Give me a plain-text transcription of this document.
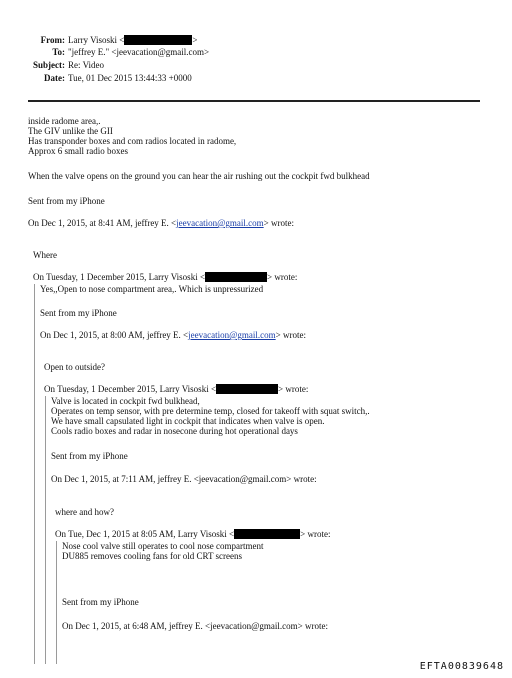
From: Larry Visoski <	>
To: "jeffrey E." <jeevacation@gmail.com>
Subject: Re: Video
Date: Tue, 01 Dec 2015 13:44:33 +0000
inside radome area,.
The GIV unlike the GII
Has transponder boxes and com radios located in radome,
Approx 6 small radio boxes
When the valve opens on the ground you can hear the air rushing out the cockpit fwd bulkhead
Sent from my iPhone
On Dec 1, 2015, at 8:41 AM, jeffrey E. <jeevacation@gmail.com> wrote:
Where
On Tuesday, 1 December 2015, Larry Visoski <	> wrote:
Yes,,Open to nose compartment area,. Which is unpressurized
Sent from my iPhone
On Dec 1, 2015, at 8:00 AM, jeffrey E. <jeevacation@gmail.com> wrote:
Open to outside?
On Tuesday, 1 December 2015, Larry Visoski <	> wrote:
Valve is located in cockpit fwd bulkhead,
Operates on temp sensor, with pre determine temp, closed for takeoff with squat switch,.
We have small capsulated light in cockpit that indicates when valve is open.
Cools radio boxes and radar in nosecone during hot operational days
Sent from my iPhone
On Dec 1, 2015, at 7:11 AM, jeffrey E. <jeevacation@gmail.com> wrote:
where and how?
On Tue, Dec 1, 2015 at 8:05 AM, Larry Visoski <	> wrote:
Nose cool valve still operates to cool nose compartment
DU885 removes cooling fans for old CRT screens
Sent from my iPhone
On Dec 1, 2015, at 6:48 AM, jeffrey E. <jeevacation@gmail.com> wrote:
EFTA00839648
